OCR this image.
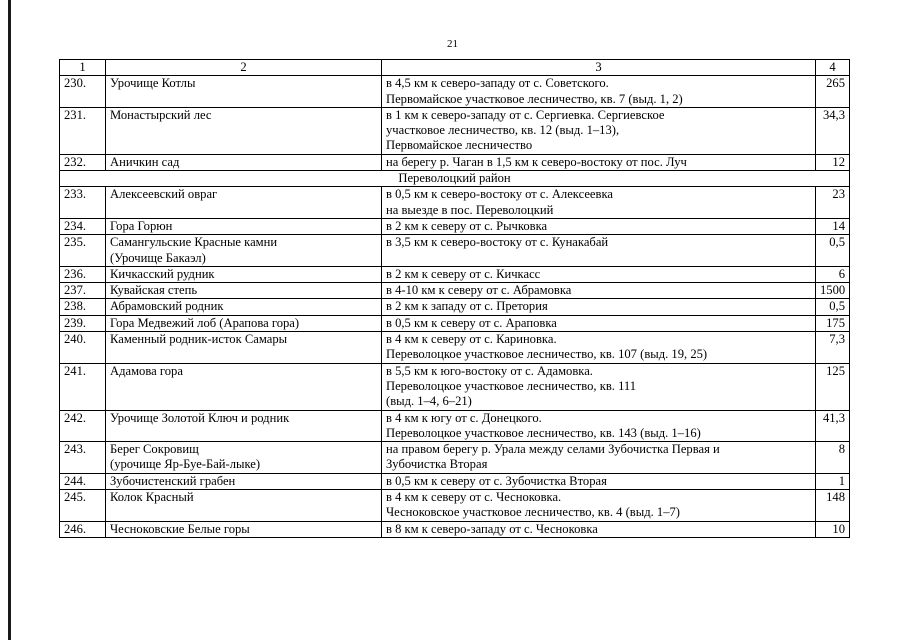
21
1	2	3	4
230.	Урочище Котлы	в 4,5 км к северо-западу от с. Советского.
Первомайское участковое лесничество, кв. 7 (выд. 1, 2)	265
231.	Монастырский лес	в 1 км к северо-западу от с. Сергиевка. Сергиевское
участковое лесничество, кв. 12 (выд. 1–13),
Первомайское лесничество	34,3
232.	Аничкин сад	на берегу р. Чаган в 1,5 км к северо-востоку от пос. Луч	12
Переволоцкий район			
233.	Алексеевский овраг	в 0,5 км к северо-востоку от с. Алексеевка
на выезде в пос. Переволоцкий	23
234.	Гора Горюн	в 2 км к северу от с. Рычковка	14
235.	Самангульские Красные камни
(Урочище Бакаэл)	в 3,5 км к северо-востоку от с. Кунакабай	0,5
236.	Кичкасский рудник	в 2 км к северу от с. Кичкасс	6
237.	Кувайская степь	в 4-10 км к северу от с. Абрамовка	1500
238.	Абрамовский родник	в 2 км к западу от с. Претория	0,5
239.	Гора Медвежий лоб (Арапова гора)	в 0,5 км к северу от с. Араповка	175
240.	Каменный родник-исток Самары	в 4 км к северу от с. Кариновка.
Переволоцкое участковое лесничество, кв. 107 (выд. 19, 25)	7,3
241.	Адамова гора	в 5,5 км к юго-востоку от с. Адамовка.
Переволоцкое участковое лесничество, кв. 111
(выд. 1–4, 6–21)	125
242.	Урочище Золотой Ключ и родник	в 4 км к югу от с. Донецкого.
Переволоцкое участковое лесничество, кв. 143 (выд. 1–16)	41,3
243.	Берег Сокровищ
(урочище Яр-Буе-Бай-лыке)	на правом берегу р. Урала между селами Зубочистка Первая и
Зубочистка Вторая	8
244.	Зубочистенский грабен	в 0,5 км к северу от с. Зубочистка Вторая	1
245.	Колок Красный	в 4 км к северу от с. Чесноковка.
Чесноковское участковое лесничество, кв. 4 (выд. 1–7)	148
246.	Чесноковские Белые горы	в 8 км к северо-западу от с. Чесноковка	10
